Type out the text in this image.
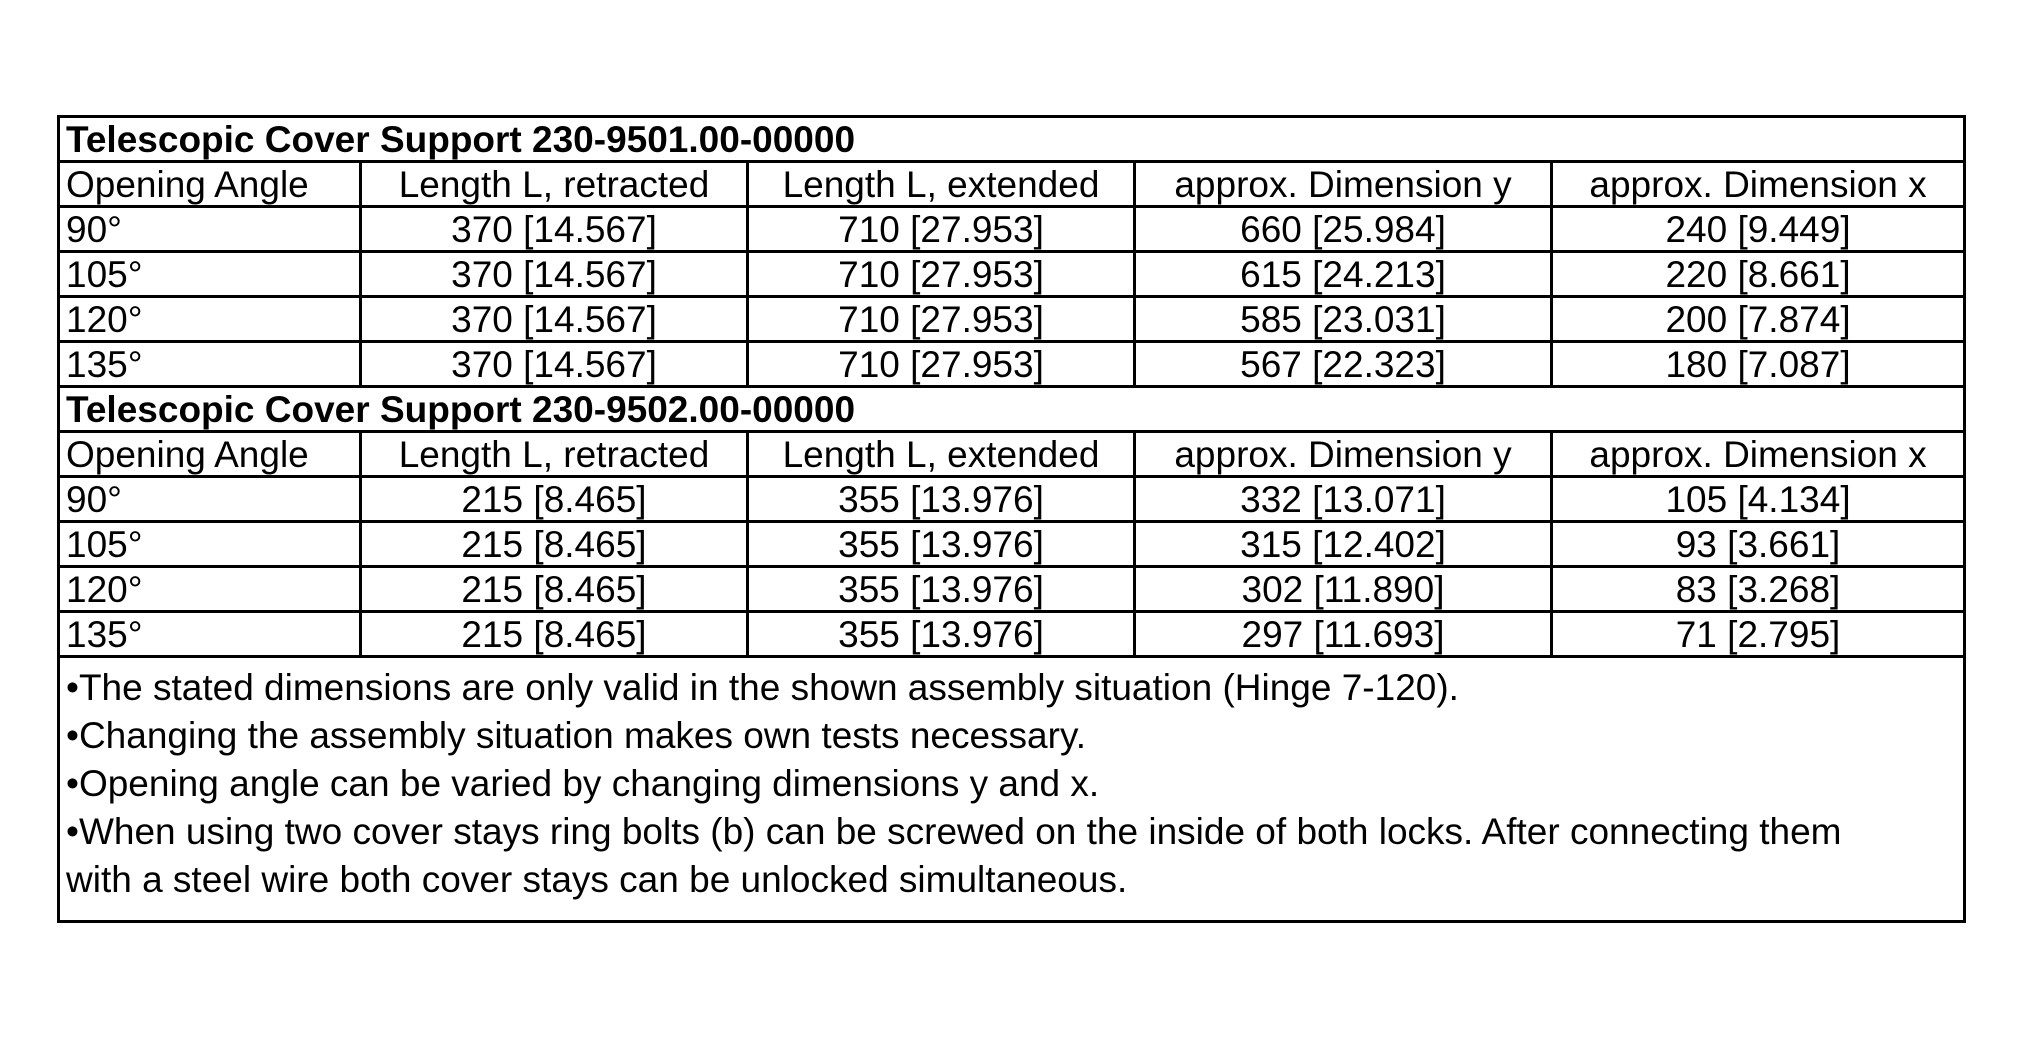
Telescopic Cover Support 230-9501.00-00000				
Opening Angle	Length L, retracted	Length L, extended	approx. Dimension y	approx. Dimension x
90°	370 [14.567]	710 [27.953]	660 [25.984]	240 [9.449]
105°	370 [14.567]	710 [27.953]	615 [24.213]	220 [8.661]
120°	370 [14.567]	710 [27.953]	585 [23.031]	200 [7.874]
135°	370 [14.567]	710 [27.953]	567 [22.323]	180 [7.087]
Telescopic Cover Support 230-9502.00-00000				
Opening Angle	Length L, retracted	Length L, extended	approx. Dimension y	approx. Dimension x
90°	215 [8.465]	355 [13.976]	332 [13.071]	105 [4.134]
105°	215 [8.465]	355 [13.976]	315 [12.402]	93 [3.661]
120°	215 [8.465]	355 [13.976]	302 [11.890]	83 [3.268]
135°	215 [8.465]	355 [13.976]	297 [11.693]	71 [2.795]

•The stated dimensions are only valid in the shown assembly situation (Hinge 7-120).
•Changing the assembly situation makes own tests necessary.
•Opening angle can be varied by changing dimensions y and x.
•When using two cover stays ring bolts (b) can be screwed on the inside of both locks. After connecting them
with a steel wire both cover stays can be unlocked simultaneous.				
